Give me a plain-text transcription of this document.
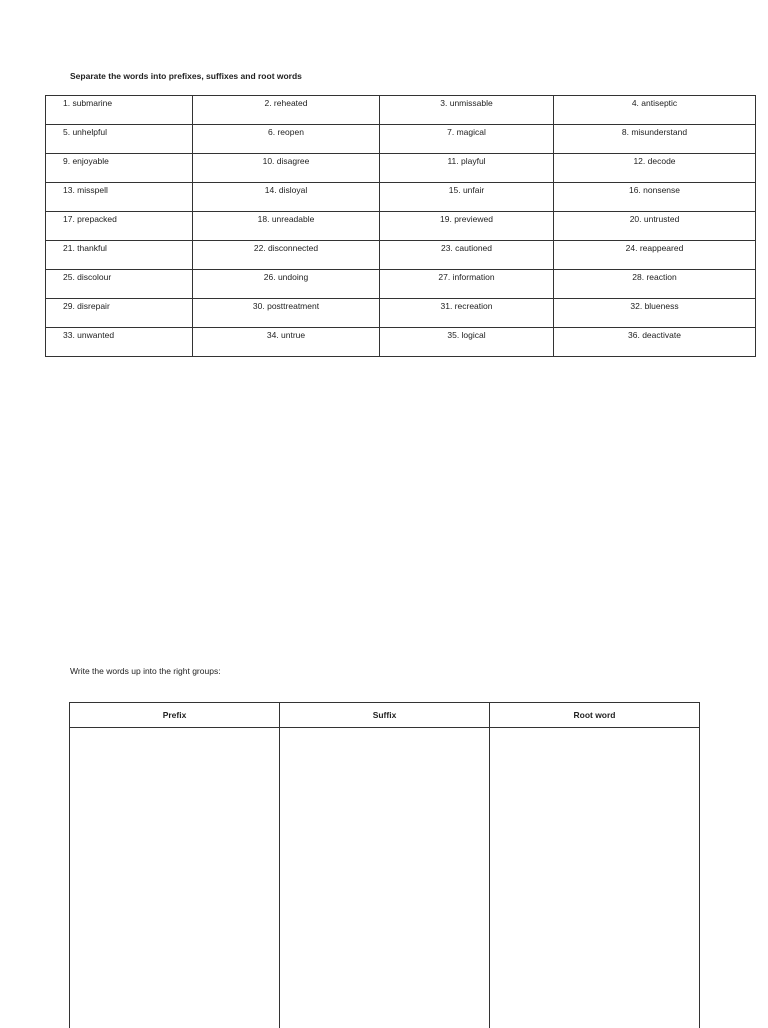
Separate the words into prefixes, suffixes and root words
1. submarine	2. reheated	3. unmissable	4. antiseptic
5. unhelpful	6. reopen	7. magical	8. misunderstand
9. enjoyable	10. disagree	11. playful	12. decode
13. misspell	14. disloyal	15. unfair	16. nonsense
17. prepacked	18. unreadable	19. previewed	20. untrusted
21. thankful	22. disconnected	23. cautioned	24. reappeared
25. discolour	26. undoing	27. information	28. reaction
29. disrepair	30. posttreatment	31. recreation	32. blueness
33. unwanted	34. untrue	35. logical	36. deactivate
Write the words up into the right groups:
Prefix	Suffix	Root word
